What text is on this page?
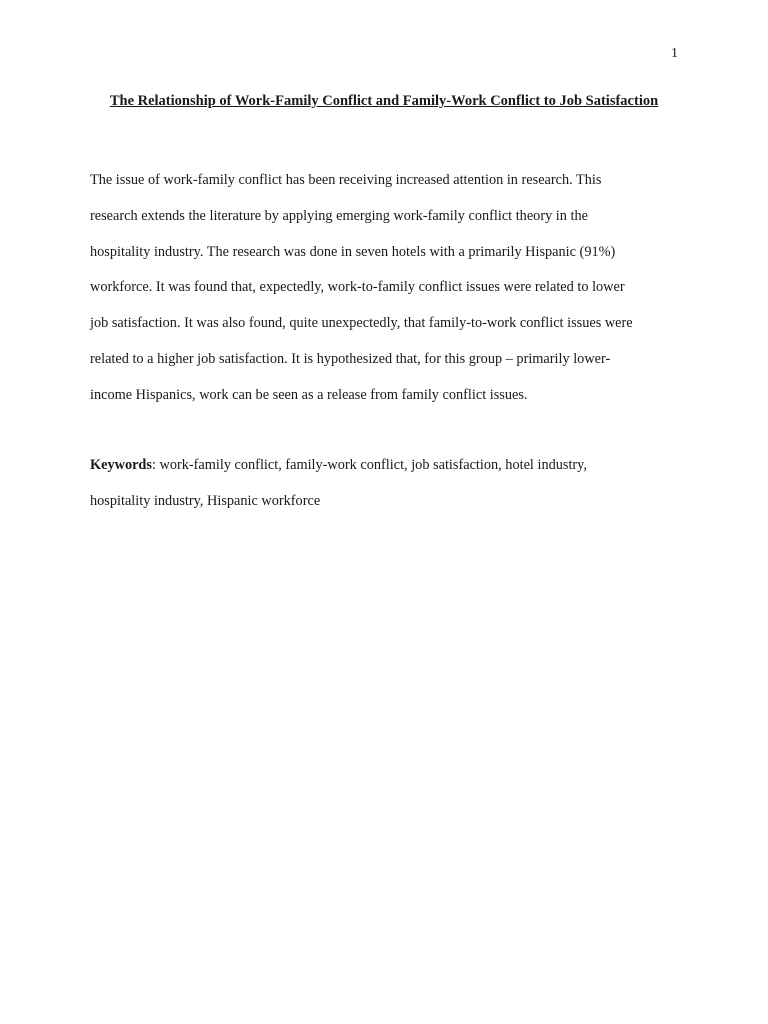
1
The Relationship of Work-Family Conflict and Family-Work Conflict to Job Satisfaction

The issue of work-family conflict has been receiving increased attention in research. This
research extends the literature by applying emerging work-family conflict theory in the
hospitality industry. The research was done in seven hotels with a primarily Hispanic (91%)
workforce. It was found that, expectedly, work-to-family conflict issues were related to lower
job satisfaction. It was also found, quite unexpectedly, that family-to-work conflict issues were
related to a higher job satisfaction. It is hypothesized that, for this group – primarily lower-
income Hispanics, work can be seen as a release from family conflict issues.

Keywords: work-family conflict, family-work conflict, job satisfaction, hotel industry,
hospitality industry, Hispanic workforce
